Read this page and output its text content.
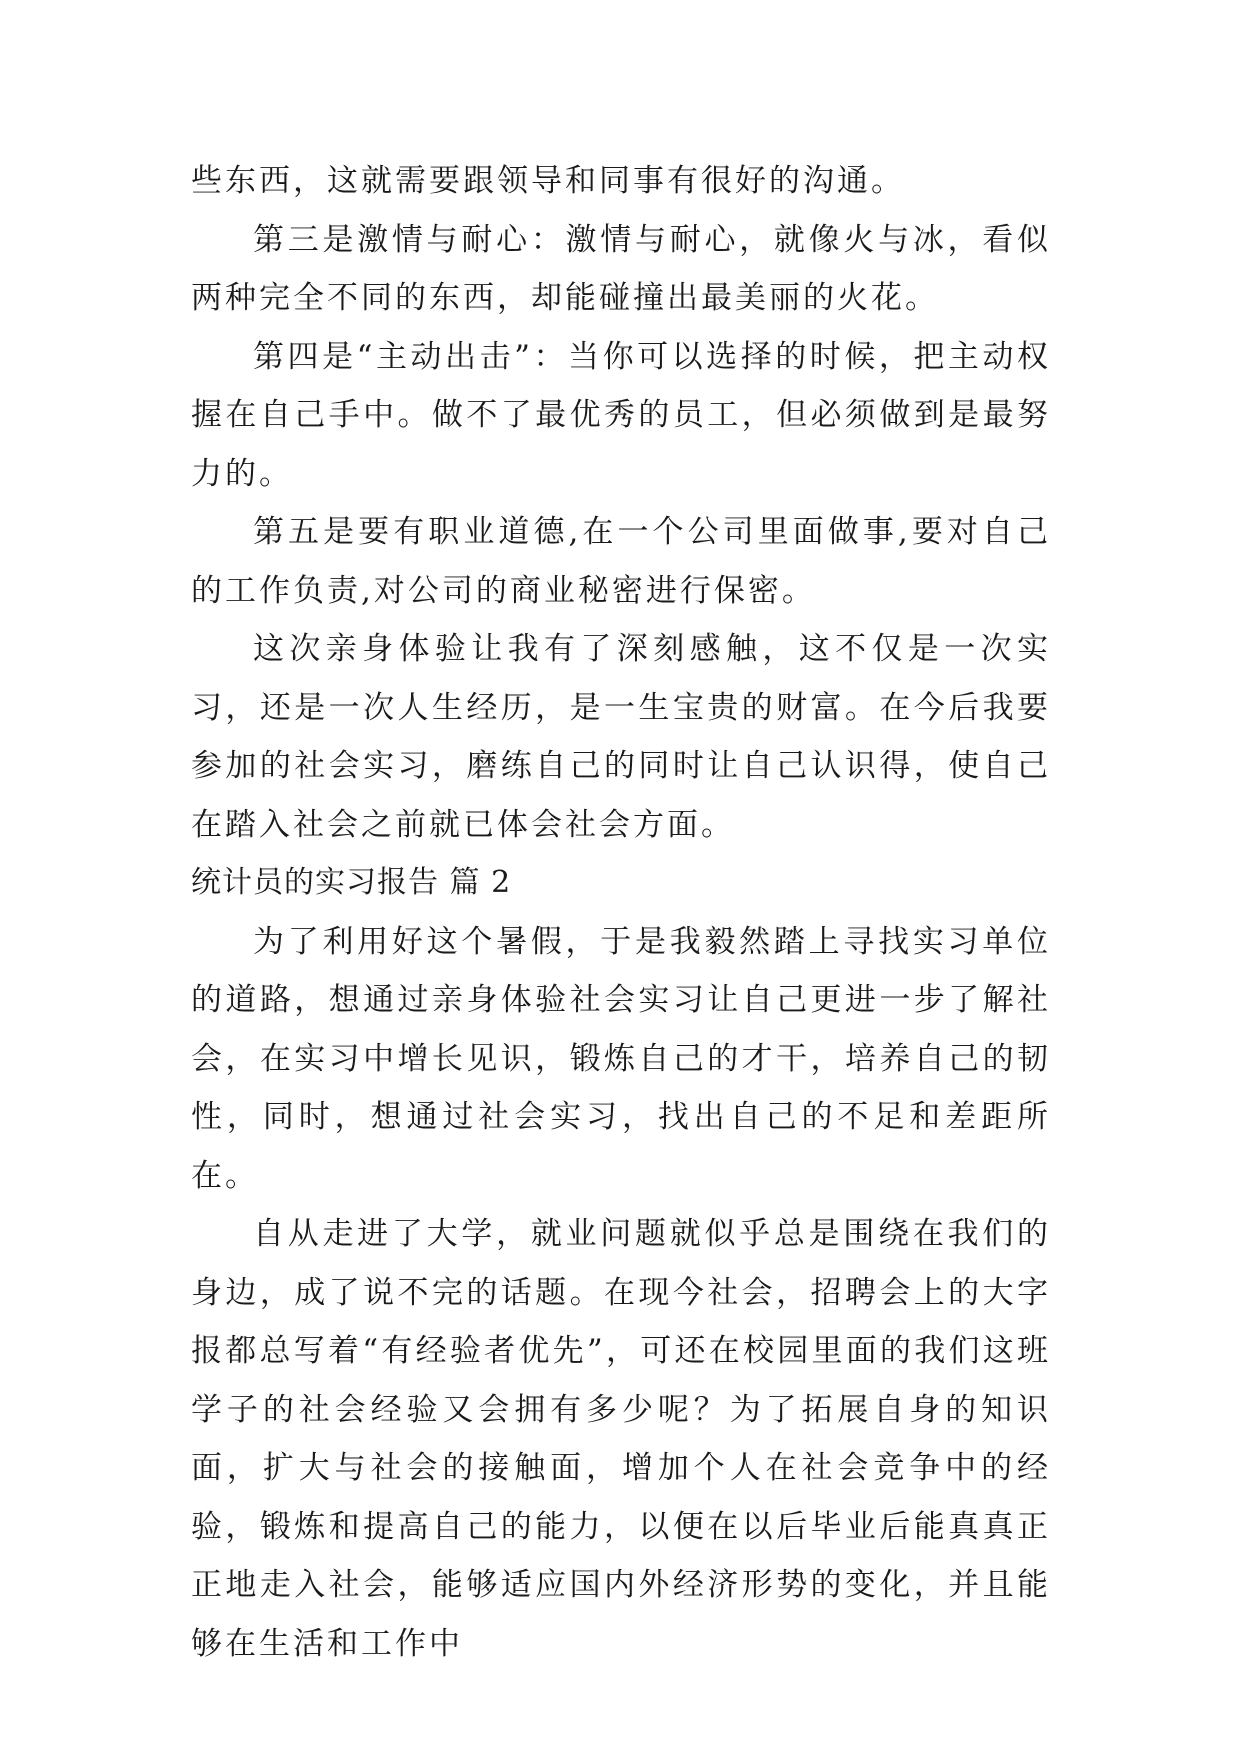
些东西，这就需要跟领导和同事有很好的沟通。

第三是激情与耐心：激情与耐心，就像火与冰，看似两种完全不同的东西，却能碰撞出最美丽的火花。

第四是“主动出击”：当你可以选择的时候，把主动权握在自己手中。做不了最优秀的员工，但必须做到是最努力的。

第五是要有职业道德,在一个公司里面做事,要对自己的工作负责,对公司的商业秘密进行保密。

这次亲身体验让我有了深刻感触，这不仅是一次实习，还是一次人生经历，是一生宝贵的财富。在今后我要参加的社会实习，磨练自己的同时让自己认识得，使自己在踏入社会之前就已体会社会方面。

统计员的实习报告 篇 2

为了利用好这个暑假，于是我毅然踏上寻找实习单位的道路，想通过亲身体验社会实习让自己更进一步了解社会，在实习中增长见识，锻炼自己的才干，培养自己的韧性，同时，想通过社会实习，找出自己的不足和差距所在。

自从走进了大学，就业问题就似乎总是围绕在我们的身边，成了说不完的话题。在现今社会，招聘会上的大字报都总写着“有经验者优先”，可还在校园里面的我们这班学子的社会经验又会拥有多少呢？为了拓展自身的知识面，扩大与社会的接触面，增加个人在社会竞争中的经验，锻炼和提高自己的能力，以便在以后毕业后能真真正正地走入社会，能够适应国内外经济形势的变化，并且能够在生活和工作中
